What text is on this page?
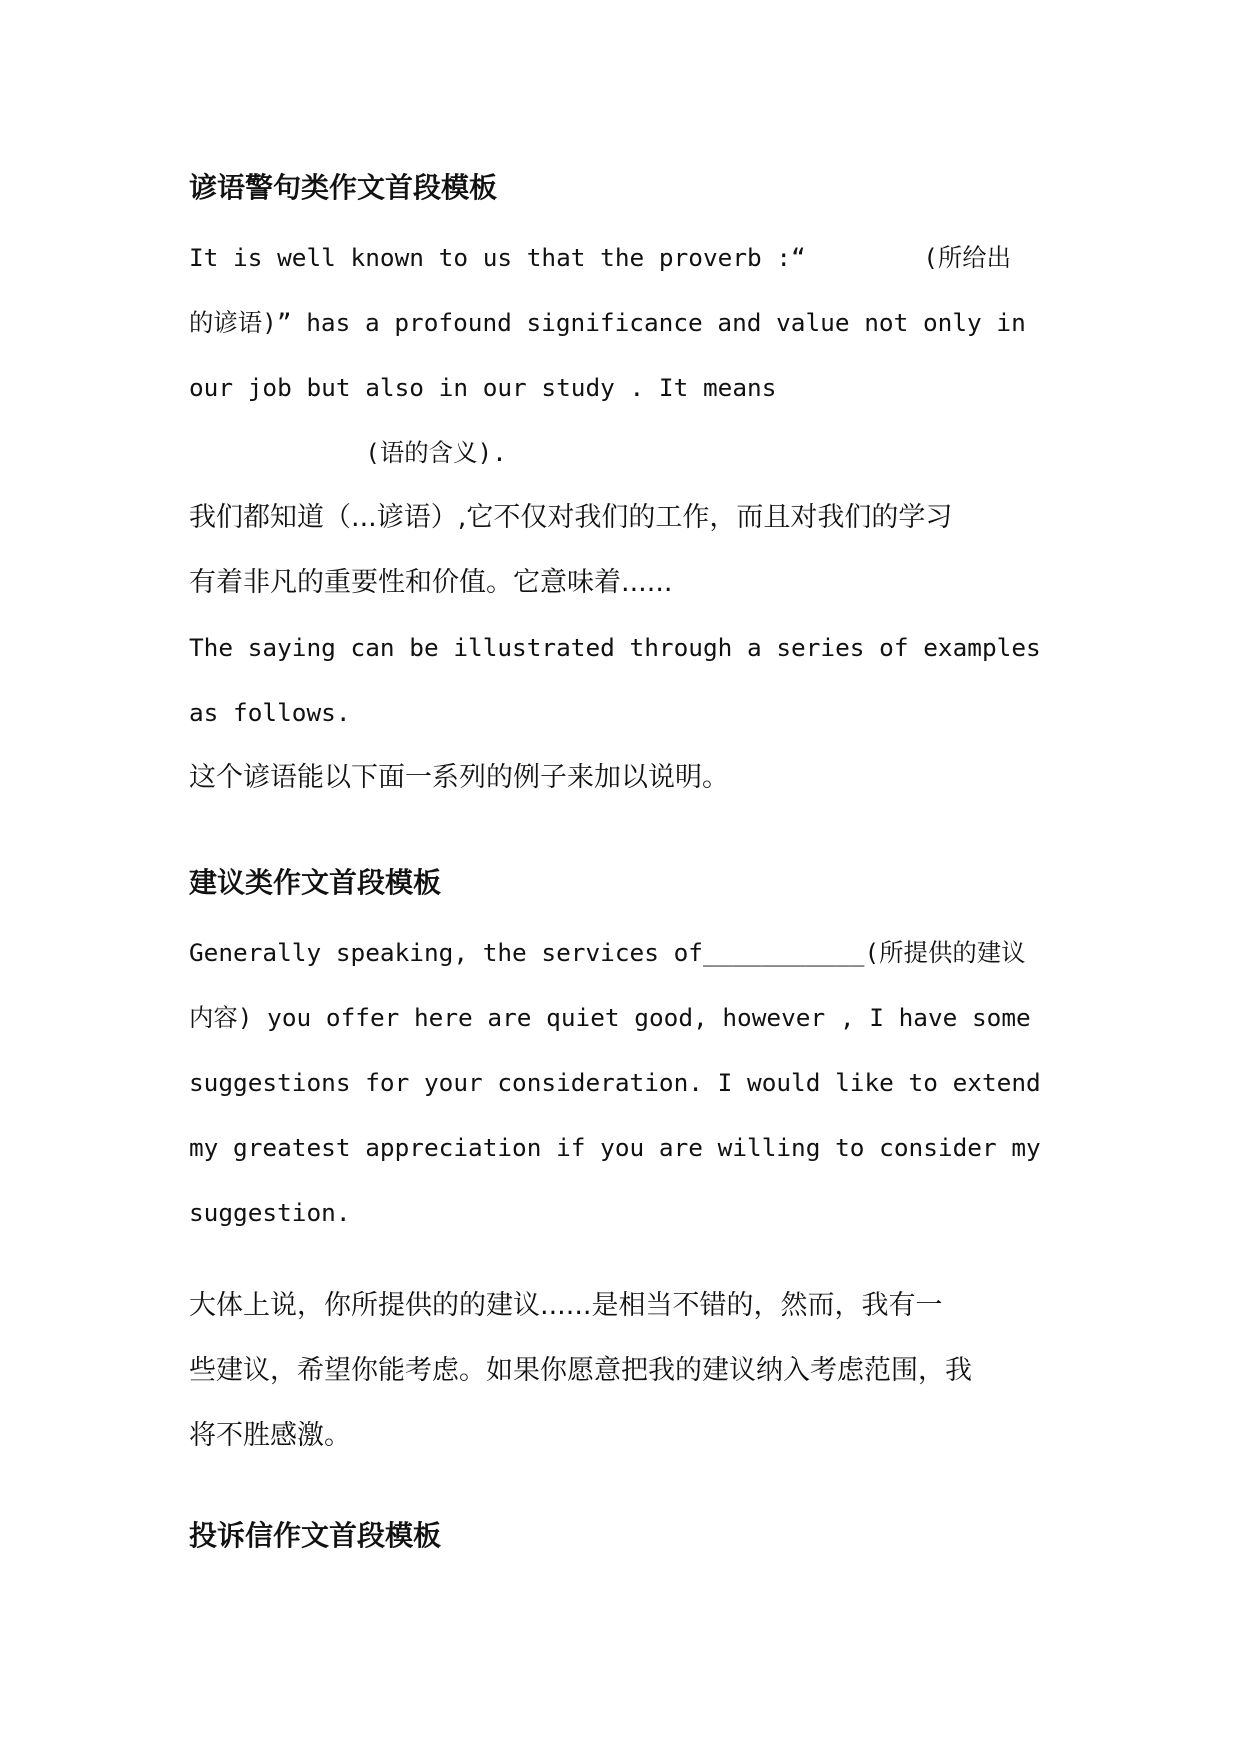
谚语警句类作文首段模板
It is well known to us that the proverb :“        (所给出
的谚语)” has a profound significance and value not only in
our job but also in our study . It means
(语的含义).
我们都知道（...谚语）,它不仅对我们的工作，而且对我们的学习
有着非凡的重要性和价值。它意味着......
The saying can be illustrated through a series of examples
as follows.
这个谚语能以下面一系列的例子来加以说明。
建议类作文首段模板
Generally speaking, the services of___________(所提供的建议
内容) you offer here are quiet good, however , I have some
suggestions for your consideration. I would like to extend
my greatest appreciation if you are willing to consider my
suggestion.
大体上说，你所提供的的建议......是相当不错的，然而，我有一
些建议，希望你能考虑。如果你愿意把我的建议纳入考虑范围，我
将不胜感激。
投诉信作文首段模板
